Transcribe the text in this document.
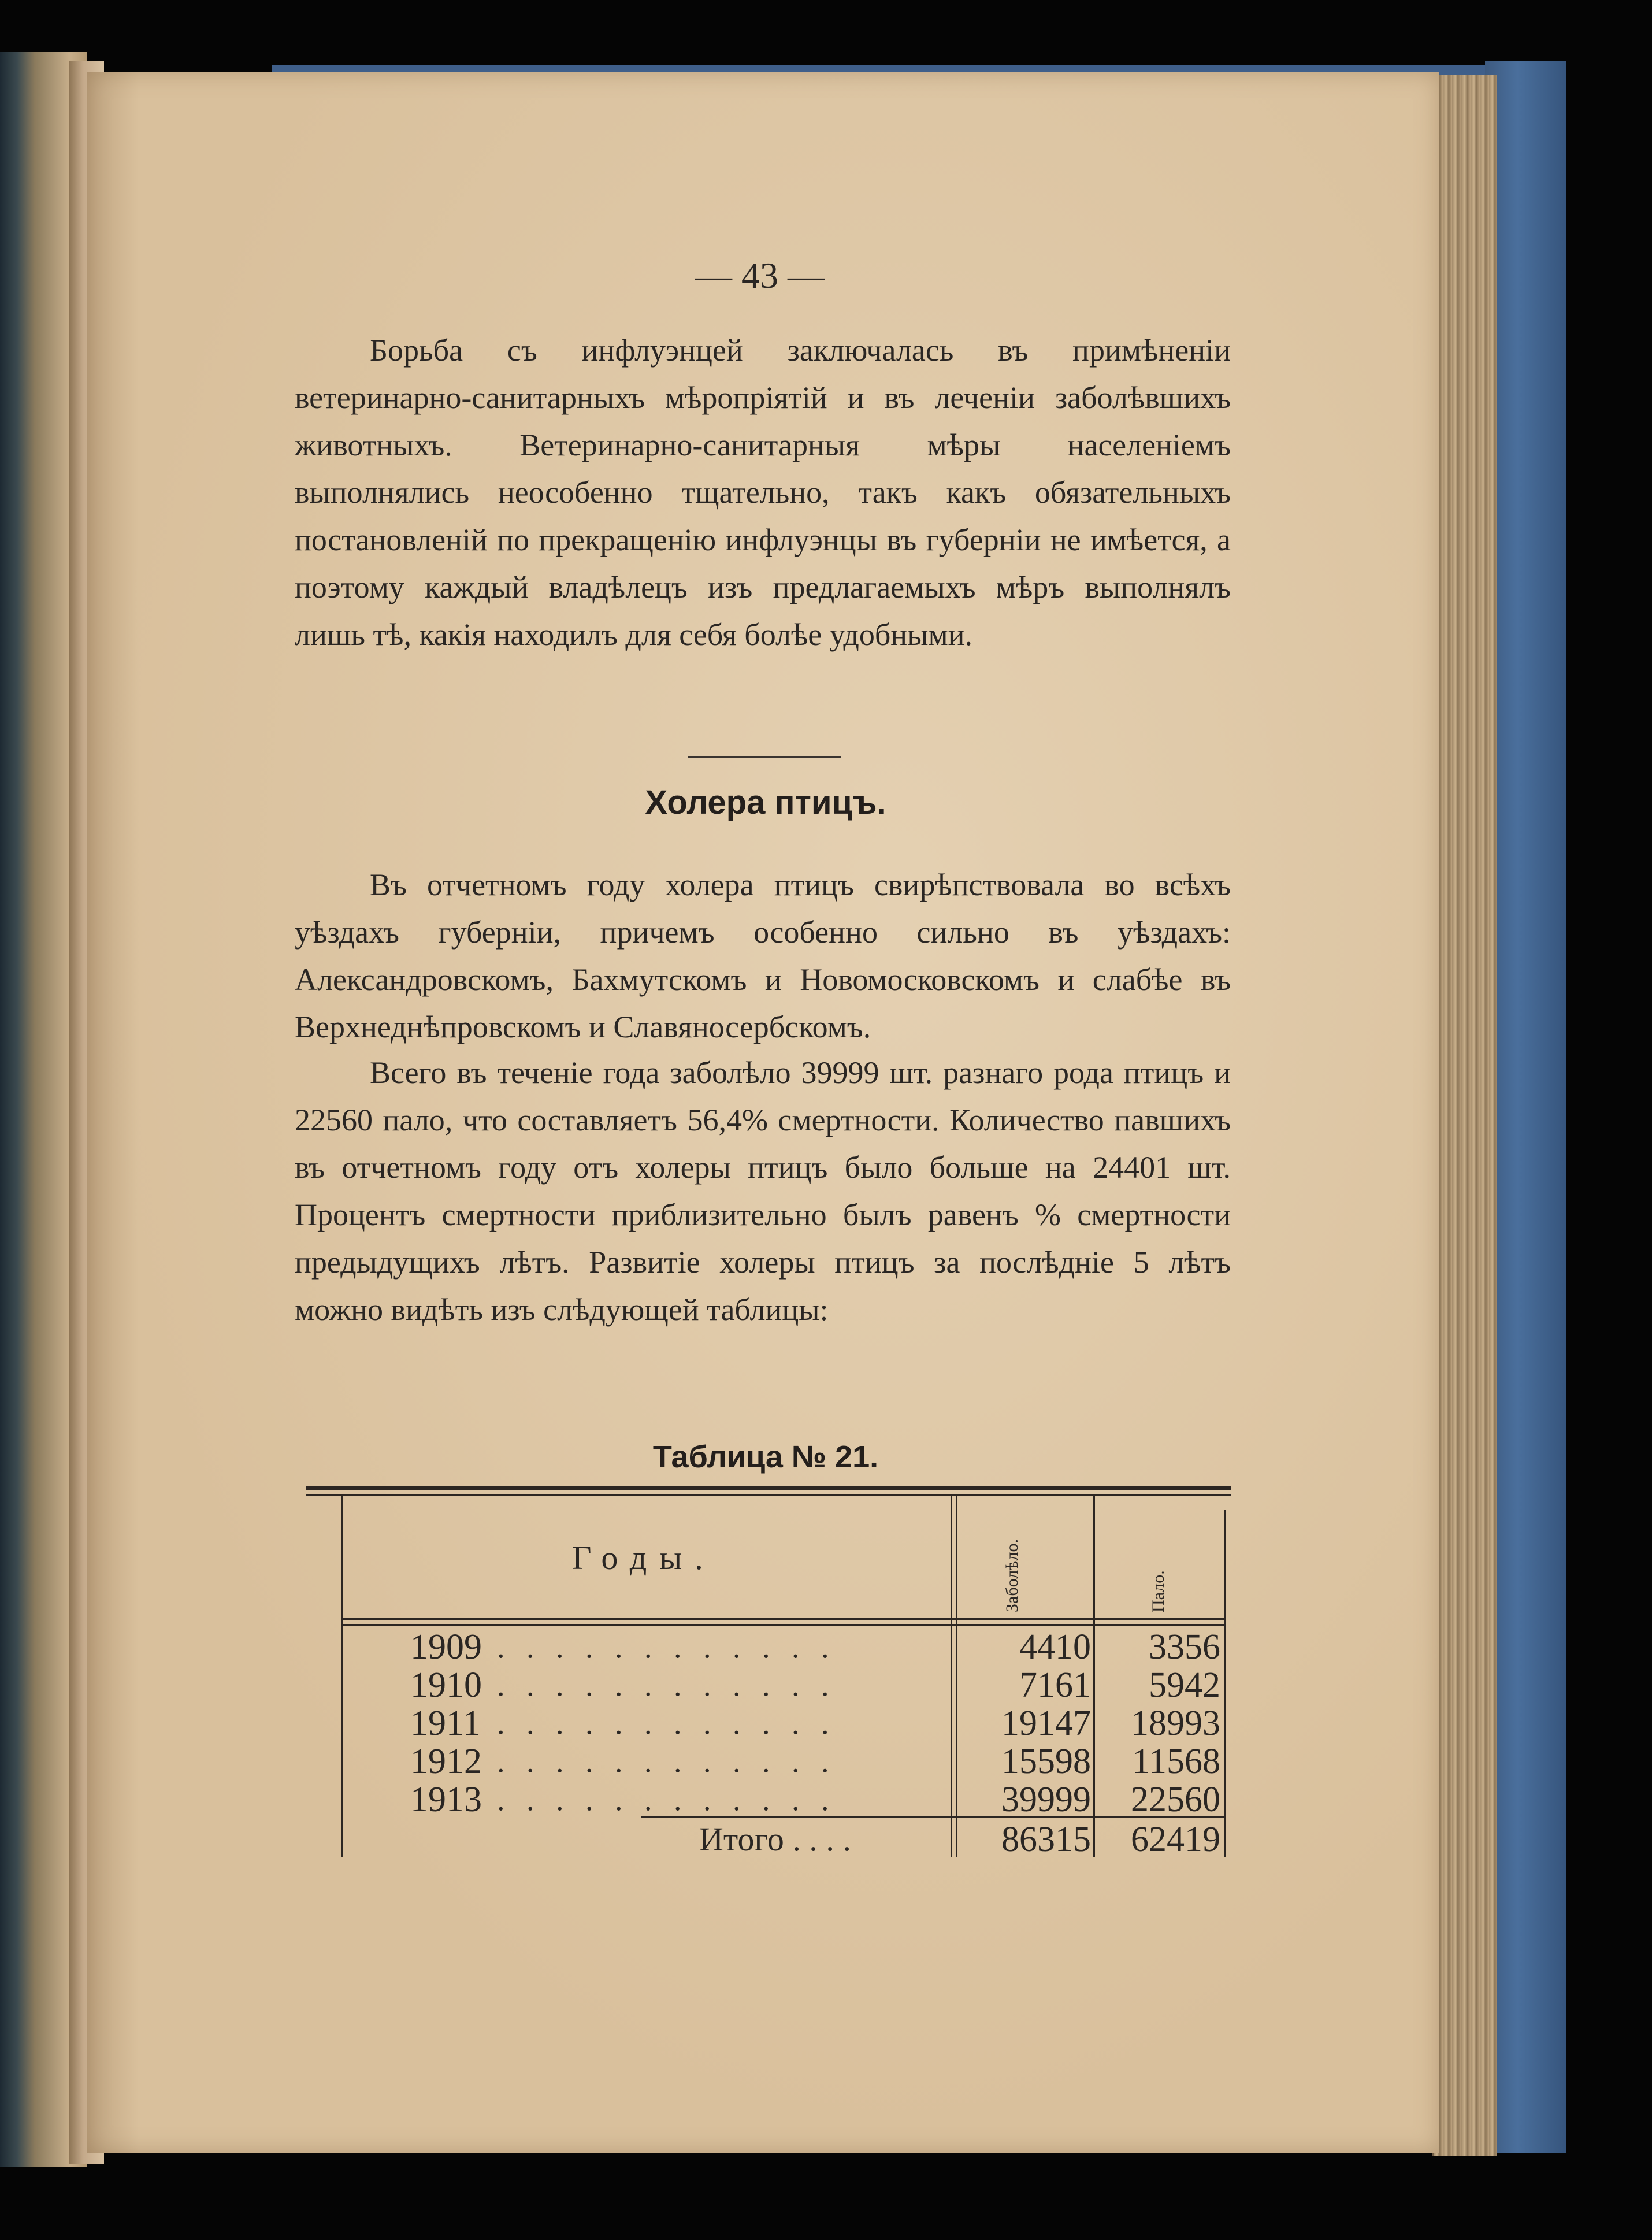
— 43 —

Борьба съ инфлуэнцей заключалась въ примѣненіи ветеринарно-санитарныхъ мѣропріятій и въ леченіи заболѣвшихъ животныхъ. Ветеринарно-санитарныя мѣры населеніемъ выполнялись неособенно тщательно, такъ какъ обязательныхъ постановленій по прекращенію инфлуэнцы въ губерніи не имѣется, а поэтому каждый владѣлецъ изъ предлагаемыхъ мѣръ выполнялъ лишь тѣ, какія находилъ для себя болѣе удобными.

Въ отчетномъ году холера птицъ свирѣпствовала во всѣхъ уѣздахъ губерніи, причемъ особенно сильно въ уѣздахъ: Александровскомъ, Бахмутскомъ и Новомосковскомъ и слабѣе въ Верхнеднѣпровскомъ и Славяносербскомъ.

Всего въ теченіе года заболѣло 39999 шт. разнаго рода птицъ и 22560 пало, что составляетъ 56,4% смертности. Количество павшихъ въ отчетномъ году отъ холеры птицъ было больше на 24401 шт. Процентъ смертности приблизительно былъ равенъ % смертности предыдущихъ лѣтъ. Развитіе холеры птицъ за послѣдніе 5 лѣтъ можно видѣть изъ слѣдующей таблицы:

Холера птицъ.
Таблица № 21.
Годы.	Заболѣло.	Пало.
1909 . . . . . . . . . . . .	4410	3356
1910 . . . . . . . . . . . .	7161	5942
1911 . . . . . . . . . . . .	19147	18993
1912 . . . . . . . . . . . .	15598	11568
1913 . . . . . . . . . . . .	39999	22560
Итого . . . .	86315	62419
